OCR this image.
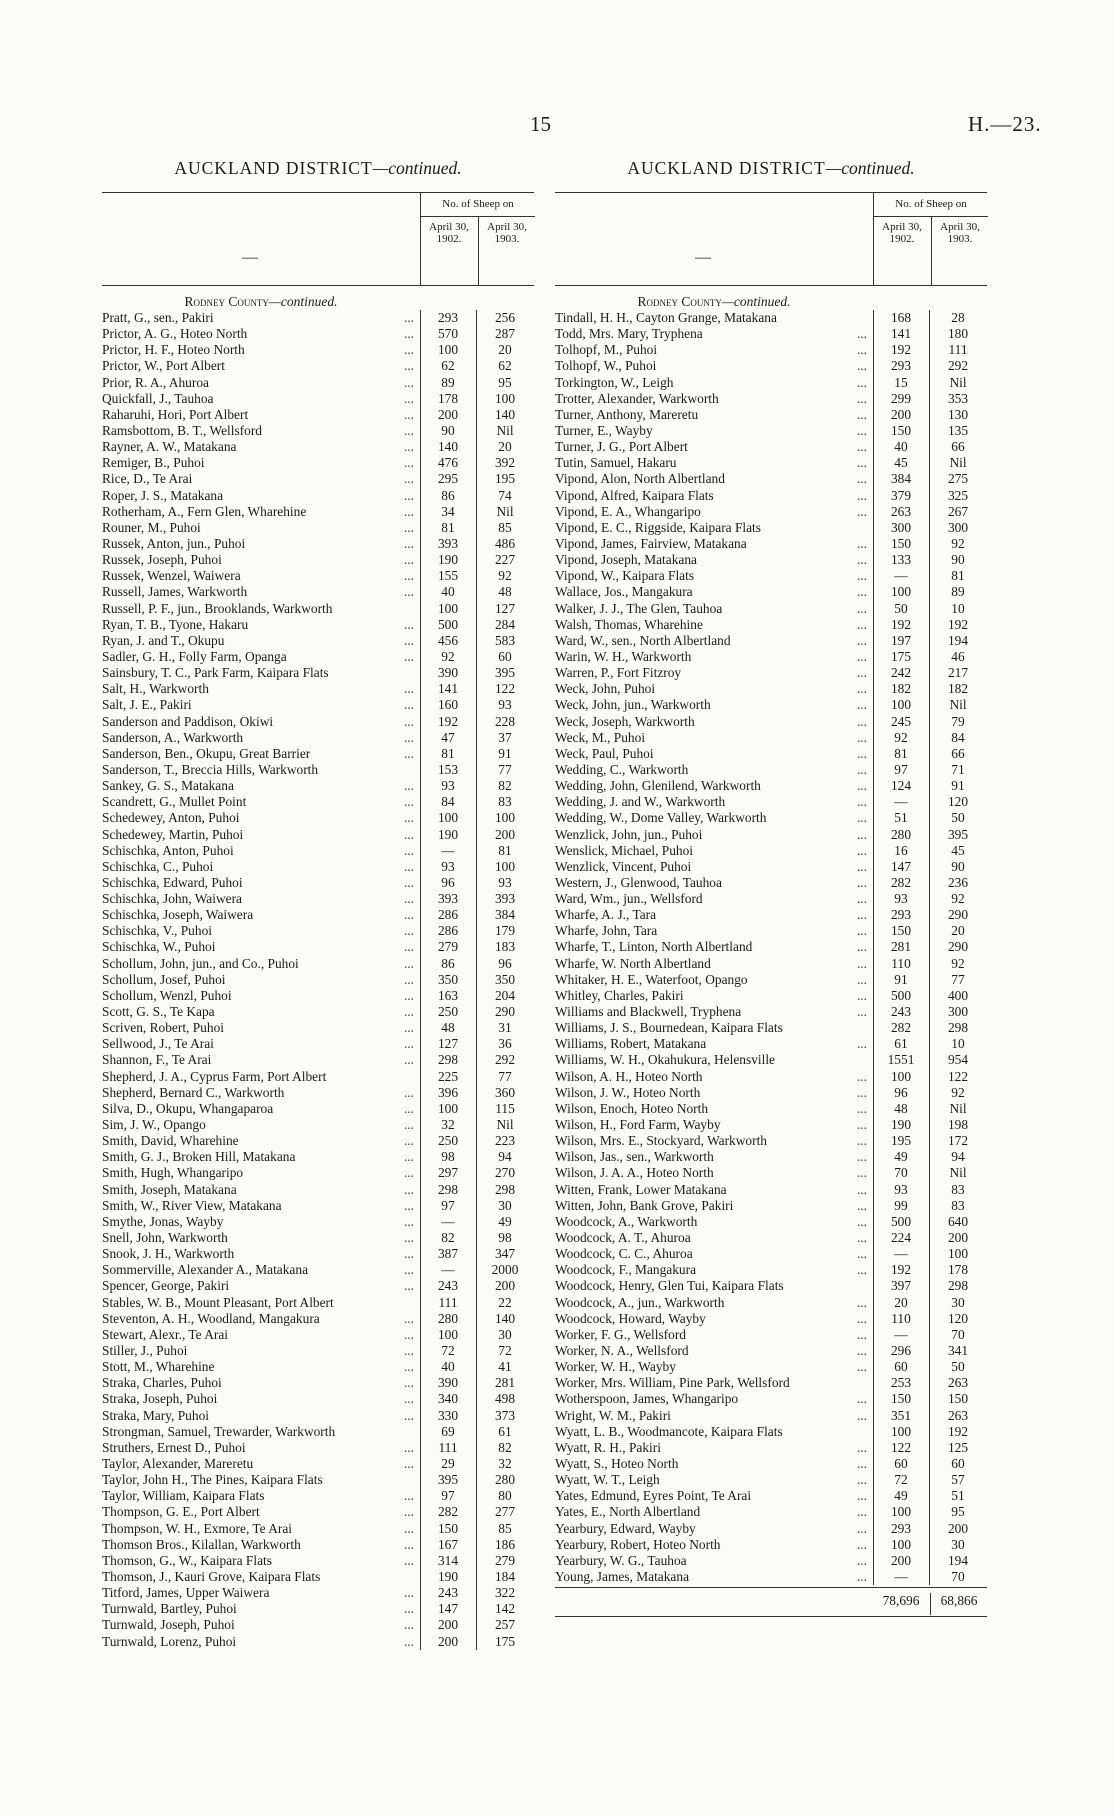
15	H.—23.
AUCKLAND DISTRICT—continued.
—
No. of Sheep on
April 30, 1902.
April 30, 1903.
Rodney County—continued.
Pratt, G., sen., Pakiri	...	293	256
Prictor, A. G., Hoteo North	...	570	287
Prictor, H. F., Hoteo North	...	100	20
Prictor, W., Port Albert	...	62	62
Prior, R. A., Ahuroa	...	89	95
Quickfall, J., Tauhoa	...	178	100
Raharuhi, Hori, Port Albert	...	200	140
Ramsbottom, B. T., Wellsford	...	90	Nil
Rayner, A. W., Matakana	...	140	20
Remiger, B., Puhoi	...	476	392
Rice, D., Te Arai	...	295	195
Roper, J. S., Matakana	...	86	74
Rotherham, A., Fern Glen, Wharehine	...	34	Nil
Rouner, M., Puhoi	...	81	85
Russek, Anton, jun., Puhoi	...	393	486
Russek, Joseph, Puhoi	...	190	227
Russek, Wenzel, Waiwera	...	155	92
Russell, James, Warkworth	...	40	48
Russell, P. F., jun., Brooklands, Warkworth	100	127
Ryan, T. B., Tyone, Hakaru	...	500	284
Ryan, J. and T., Okupu	...	456	583
Sadler, G. H., Folly Farm, Opanga	...	92	60
Sainsbury, T. C., Park Farm, Kaipara Flats	390	395
Salt, H., Warkworth	...	141	122
Salt, J. E., Pakiri	...	160	93
Sanderson and Paddison, Okiwi	...	192	228
Sanderson, A., Warkworth	...	47	37
Sanderson, Ben., Okupu, Great Barrier	...	81	91
Sanderson, T., Breccia Hills, Warkworth	153	77
Sankey, G. S., Matakana	...	93	82
Scandrett, G., Mullet Point	...	84	83
Schedewey, Anton, Puhoi	...	100	100
Schedewey, Martin, Puhoi	...	190	200
Schischka, Anton, Puhoi	...	—	81
Schischka, C., Puhoi	...	93	100
Schischka, Edward, Puhoi	...	96	93
Schischka, John, Waiwera	...	393	393
Schischka, Joseph, Waiwera	...	286	384
Schischka, V., Puhoi	...	286	179
Schischka, W., Puhoi	...	279	183
Schollum, John, jun., and Co., Puhoi	...	86	96
Schollum, Josef, Puhoi	...	350	350
Schollum, Wenzl, Puhoi	...	163	204
Scott, G. S., Te Kapa	...	250	290
Scriven, Robert, Puhoi	...	48	31
Sellwood, J., Te Arai	...	127	36
Shannon, F., Te Arai	...	298	292
Shepherd, J. A., Cyprus Farm, Port Albert	225	77
Shepherd, Bernard C., Warkworth	...	396	360
Silva, D., Okupu, Whangaparoa	...	100	115
Sim, J. W., Opango	...	32	Nil
Smith, David, Wharehine	...	250	223
Smith, G. J., Broken Hill, Matakana	...	98	94
Smith, Hugh, Whangaripo	...	297	270
Smith, Joseph, Matakana	...	298	298
Smith, W., River View, Matakana	...	97	30
Smythe, Jonas, Wayby	...	—	49
Snell, John, Warkworth	...	82	98
Snook, J. H., Warkworth	...	387	347
Sommerville, Alexander A., Matakana	...	—	2000
Spencer, George, Pakiri	...	243	200
Stables, W. B., Mount Pleasant, Port Albert	111	22
Steventon, A. H., Woodland, Mangakura	...	280	140
Stewart, Alexr., Te Arai	...	100	30
Stiller, J., Puhoi	...	72	72
Stott, M., Wharehine	...	40	41
Straka, Charles, Puhoi	...	390	281
Straka, Joseph, Puhoi	...	340	498
Straka, Mary, Puhoi	...	330	373
Strongman, Samuel, Trewarder, Warkworth	69	61
Struthers, Ernest D., Puhoi	...	111	82
Taylor, Alexander, Mareretu	...	29	32
Taylor, John H., The Pines, Kaipara Flats	395	280
Taylor, William, Kaipara Flats	...	97	80
Thompson, G. E., Port Albert	...	282	277
Thompson, W. H., Exmore, Te Arai	...	150	85
Thomson Bros., Kilallan, Warkworth	...	167	186
Thomson, G., W., Kaipara Flats	...	314	279
Thomson, J., Kauri Grove, Kaipara Flats	190	184
Titford, James, Upper Waiwera	...	243	322
Turnwald, Bartley, Puhoi	...	147	142
Turnwald, Joseph, Puhoi	...	200	257
Turnwald, Lorenz, Puhoi	...	200	175
AUCKLAND DISTRICT—continued.
—
No. of Sheep on
April 30, 1902.
April 30, 1903.
Rodney County—continued.
Tindall, H. H., Cayton Grange, Matakana	168	28
Todd, Mrs. Mary, Tryphena	...	141	180
Tolhopf, M., Puhoi	...	192	111
Tolhopf, W., Puhoi	...	293	292
Torkington, W., Leigh	...	15	Nil
Trotter, Alexander, Warkworth	...	299	353
Turner, Anthony, Mareretu	...	200	130
Turner, E., Wayby	...	150	135
Turner, J. G., Port Albert	...	40	66
Tutin, Samuel, Hakaru	...	45	Nil
Vipond, Alon, North Albertland	...	384	275
Vipond, Alfred, Kaipara Flats	...	379	325
Vipond, E. A., Whangaripo	...	263	267
Vipond, E. C., Riggside, Kaipara Flats	300	300
Vipond, James, Fairview, Matakana	...	150	92
Vipond, Joseph, Matakana	...	133	90
Vipond, W., Kaipara Flats	...	—	81
Wallace, Jos., Mangakura	...	100	89
Walker, J. J., The Glen, Tauhoa	...	50	10
Walsh, Thomas, Wharehine	...	192	192
Ward, W., sen., North Albertland	...	197	194
Warin, W. H., Warkworth	...	175	46
Warren, P., Fort Fitzroy	...	242	217
Weck, John, Puhoi	...	182	182
Weck, John, jun., Warkworth	...	100	Nil
Weck, Joseph, Warkworth	...	245	79
Weck, M., Puhoi	...	92	84
Weck, Paul, Puhoi	...	81	66
Wedding, C., Warkworth	...	97	71
Wedding, John, Glenilend, Warkworth	...	124	91
Wedding, J. and W., Warkworth	...	—	120
Wedding, W., Dome Valley, Warkworth	...	51	50
Wenzlick, John, jun., Puhoi	...	280	395
Wenslick, Michael, Puhoi	...	16	45
Wenzlick, Vincent, Puhoi	...	147	90
Western, J., Glenwood, Tauhoa	...	282	236
Ward, Wm., jun., Wellsford	...	93	92
Wharfe, A. J., Tara	...	293	290
Wharfe, John, Tara	...	150	20
Wharfe, T., Linton, North Albertland	...	281	290
Wharfe, W. North Albertland	...	110	92
Whitaker, H. E., Waterfoot, Opango	...	91	77
Whitley, Charles, Pakiri	...	500	400
Williams and Blackwell, Tryphena	...	243	300
Williams, J. S., Bournedean, Kaipara Flats	282	298
Williams, Robert, Matakana	...	61	10
Williams, W. H., Okahukura, Helensville	1551	954
Wilson, A. H., Hoteo North	...	100	122
Wilson, J. W., Hoteo North	...	96	92
Wilson, Enoch, Hoteo North	...	48	Nil
Wilson, H., Ford Farm, Wayby	...	190	198
Wilson, Mrs. E., Stockyard, Warkworth	...	195	172
Wilson, Jas., sen., Warkworth	...	49	94
Wilson, J. A. A., Hoteo North	...	70	Nil
Witten, Frank, Lower Matakana	...	93	83
Witten, John, Bank Grove, Pakiri	...	99	83
Woodcock, A., Warkworth	...	500	640
Woodcock, A. T., Ahuroa	...	224	200
Woodcock, C. C., Ahuroa	...	—	100
Woodcock, F., Mangakura	...	192	178
Woodcock, Henry, Glen Tui, Kaipara Flats	397	298
Woodcock, A., jun., Warkworth	...	20	30
Woodcock, Howard, Wayby	...	110	120
Worker, F. G., Wellsford	...	—	70
Worker, N. A., Wellsford	...	296	341
Worker, W. H., Wayby	...	60	50
Worker, Mrs. William, Pine Park, Wellsford	253	263
Wotherspoon, James, Whangaripo	...	150	150
Wright, W. M., Pakiri	...	351	263
Wyatt, L. B., Woodmancote, Kaipara Flats	100	192
Wyatt, R. H., Pakiri	...	122	125
Wyatt, S., Hoteo North	...	60	60
Wyatt, W. T., Leigh	...	72	57
Yates, Edmund, Eyres Point, Te Arai	...	49	51
Yates, E., North Albertland	...	100	95
Yearbury, Edward, Wayby	...	293	200
Yearbury, Robert, Hoteo North	...	100	30
Yearbury, W. G., Tauhoa	...	200	194
Young, James, Matakana	...	—	70
78,696	68,866
